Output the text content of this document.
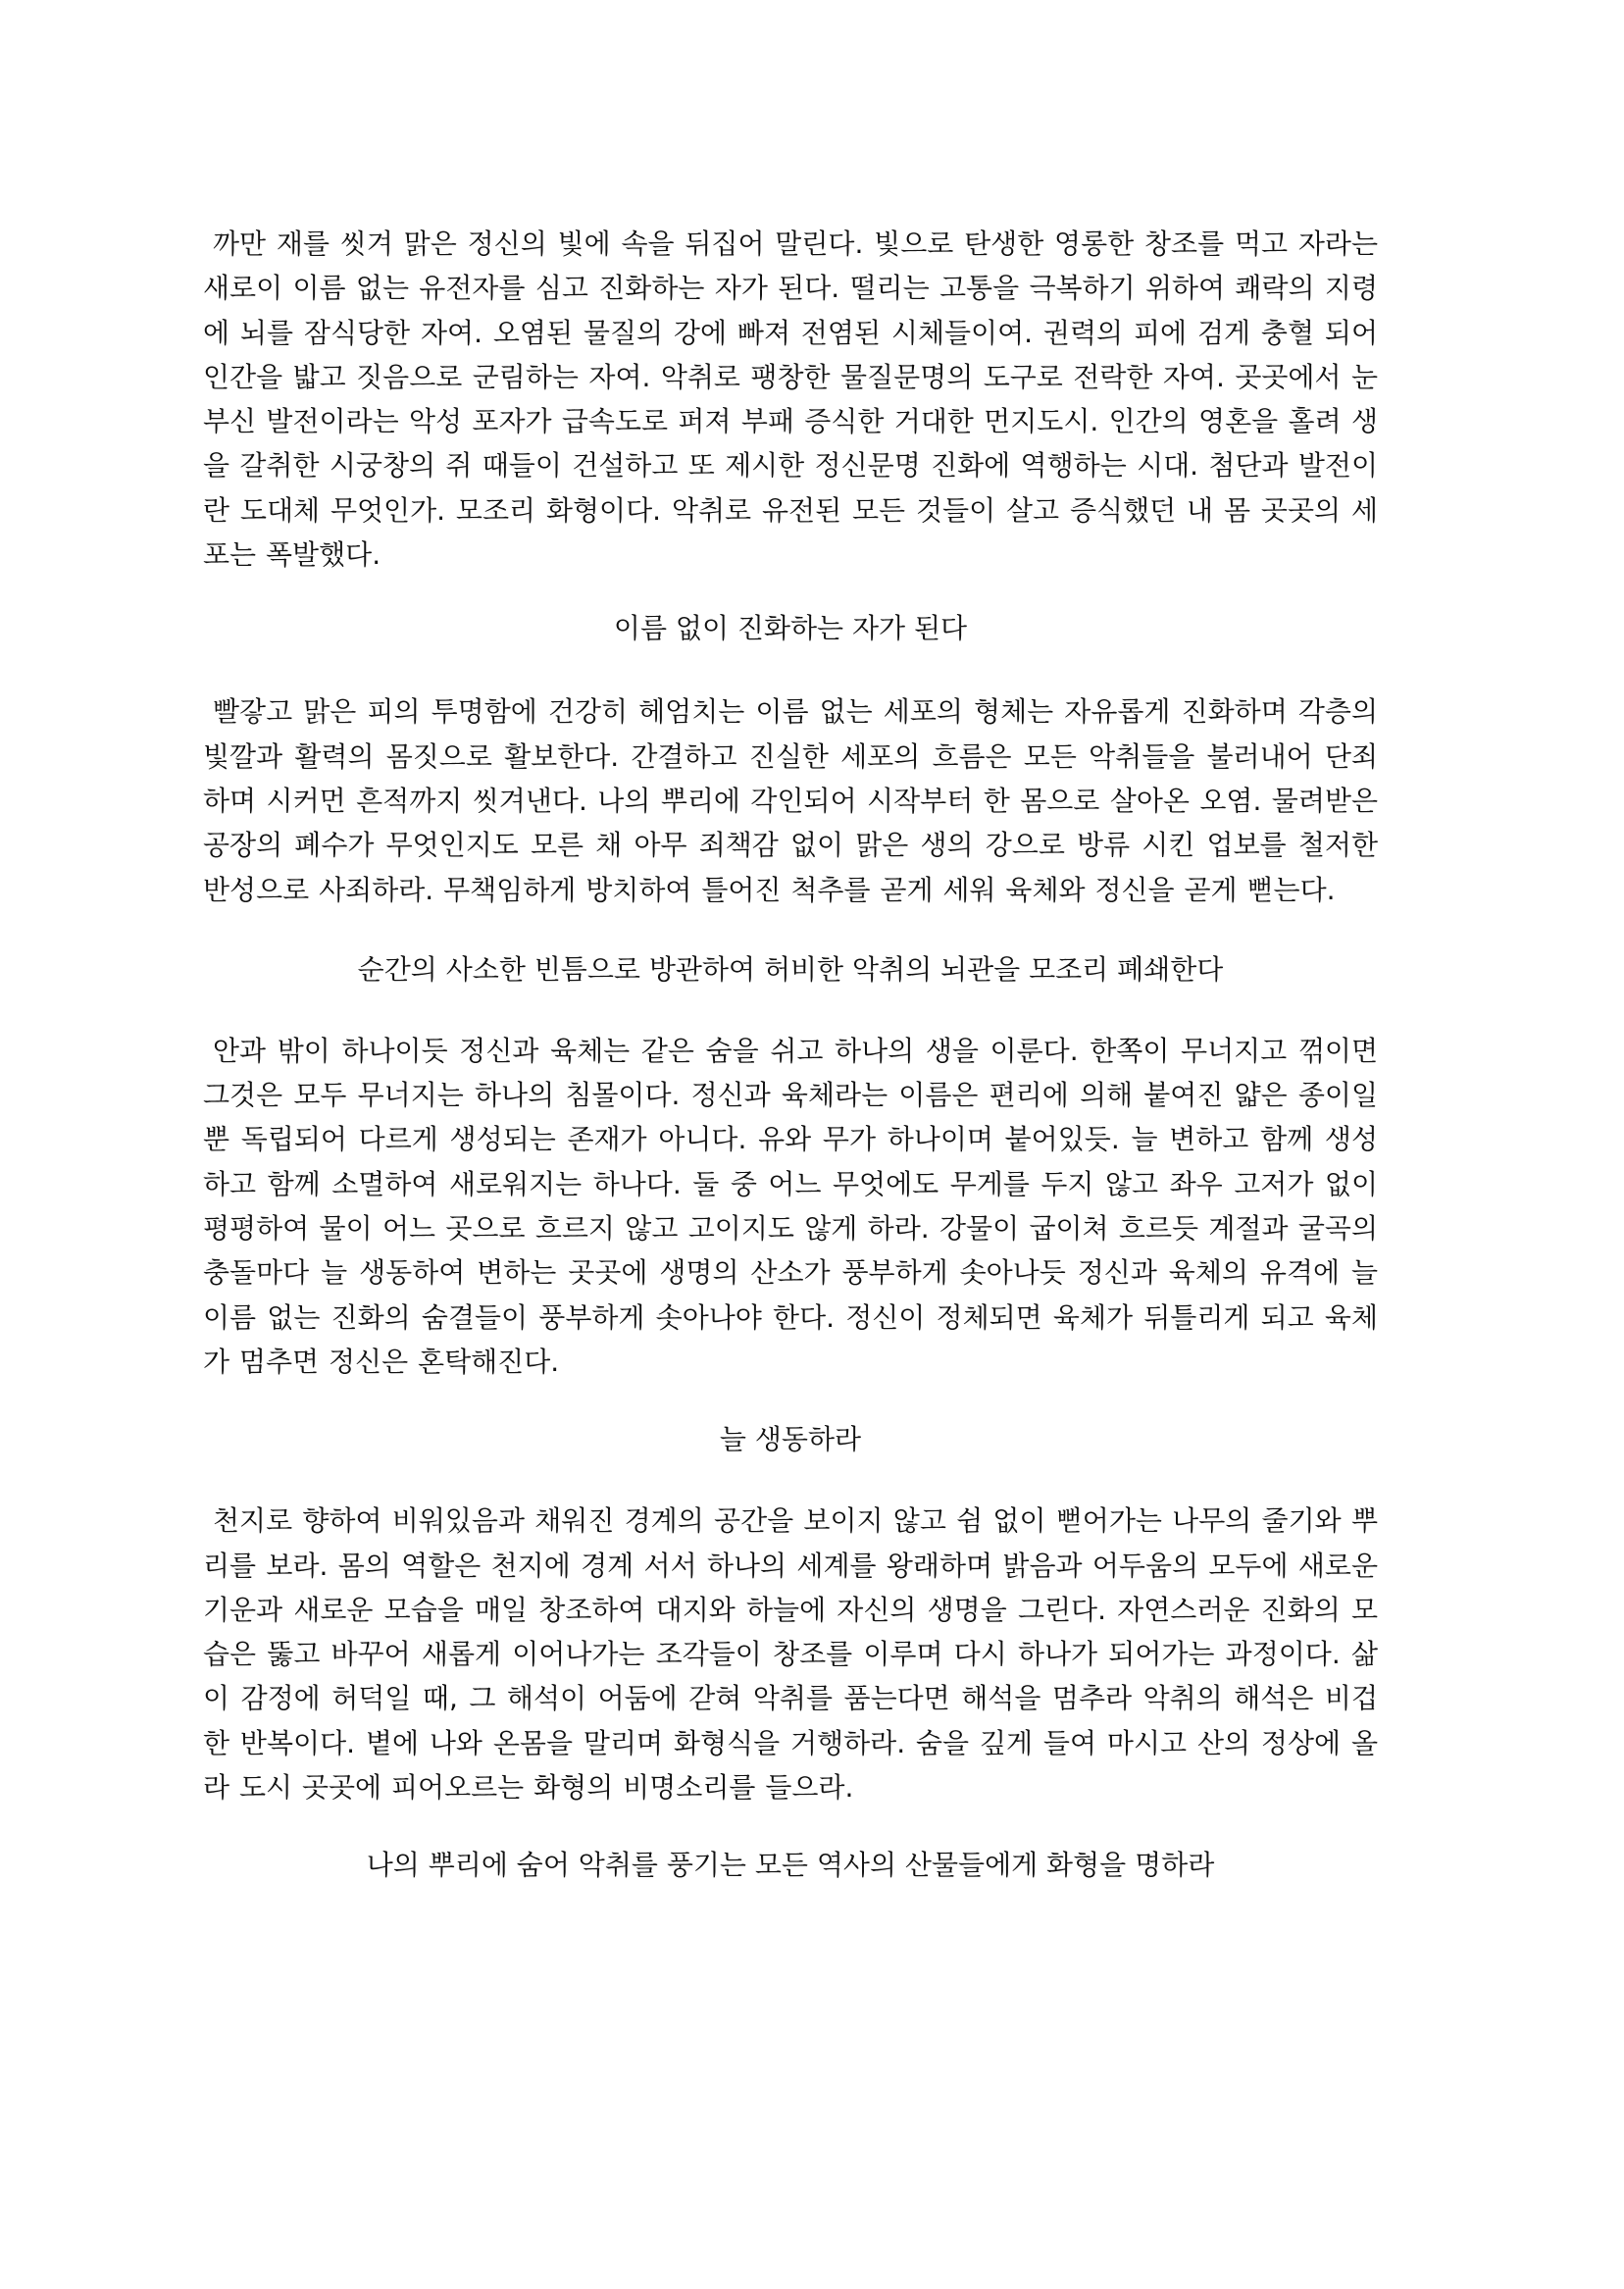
까만 재를 씻겨 맑은 정신의 빛에 속을 뒤집어 말린다. 빛으로 탄생한 영롱한 창조를 먹고 자라는 새로이 이름 없는 유전자를 심고 진화하는 자가 된다. 떨리는 고통을 극복하기 위하여 쾌락의 지령에 뇌를 잠식당한 자여. 오염된 물질의 강에 빠져 전염된 시체들이여. 권력의 피에 검게 충혈 되어 인간을 밟고 짓음으로 군림하는 자여. 악취로 팽창한 물질문명의 도구로 전락한 자여. 곳곳에서 눈부신 발전이라는 악성 포자가 급속도로 퍼져 부패 증식한 거대한 먼지도시. 인간의 영혼을 홀려 생을 갈취한 시궁창의 쥐 때들이 건설하고 또 제시한 정신문명 진화에 역행하는 시대. 첨단과 발전이란 도대체 무엇인가. 모조리 화형이다. 악취로 유전된 모든 것들이 살고 증식했던 내 몸 곳곳의 세포는 폭발했다.

이름 없이 진화하는 자가 된다

빨갛고 맑은 피의 투명함에 건강히 헤엄치는 이름 없는 세포의 형체는 자유롭게 진화하며 각층의 빛깔과 활력의 몸짓으로 활보한다. 간결하고 진실한 세포의 흐름은 모든 악취들을 불러내어 단죄하며 시커먼 흔적까지 씻겨낸다. 나의 뿌리에 각인되어 시작부터 한 몸으로 살아온 오염. 물려받은 공장의 폐수가 무엇인지도 모른 채 아무 죄책감 없이 맑은 생의 강으로 방류 시킨 업보를 철저한 반성으로 사죄하라. 무책임하게 방치하여 틀어진 척추를 곧게 세워 육체와 정신을 곧게 뻗는다.

순간의 사소한 빈틈으로 방관하여 허비한 악취의 뇌관을 모조리 폐쇄한다

안과 밖이 하나이듯 정신과 육체는 같은 숨을 쉬고 하나의 생을 이룬다. 한쪽이 무너지고 꺾이면 그것은 모두 무너지는 하나의 침몰이다. 정신과 육체라는 이름은 편리에 의해 붙여진 얇은 종이일 뿐 독립되어 다르게 생성되는 존재가 아니다. 유와 무가 하나이며 붙어있듯. 늘 변하고 함께 생성하고 함께 소멸하여 새로워지는 하나다. 둘 중 어느 무엇에도 무게를 두지 않고 좌우 고저가 없이 평평하여 물이 어느 곳으로 흐르지 않고 고이지도 않게 하라. 강물이 굽이쳐 흐르듯 계절과 굴곡의 충돌마다 늘 생동하여 변하는 곳곳에 생명의 산소가 풍부하게 솟아나듯 정신과 육체의 유격에 늘 이름 없는 진화의 숨결들이 풍부하게 솟아나야 한다. 정신이 정체되면 육체가 뒤틀리게 되고 육체가 멈추면 정신은 혼탁해진다.

늘 생동하라

천지로 향하여 비워있음과 채워진 경계의 공간을 보이지 않고 쉼 없이 뻗어가는 나무의 줄기와 뿌리를 보라. 몸의 역할은 천지에 경계 서서 하나의 세계를 왕래하며 밝음과 어두움의 모두에 새로운 기운과 새로운 모습을 매일 창조하여 대지와 하늘에 자신의 생명을 그린다. 자연스러운 진화의 모습은 뚫고 바꾸어 새롭게 이어나가는 조각들이 창조를 이루며 다시 하나가 되어가는 과정이다. 삶이 감정에 허덕일 때, 그 해석이 어둠에 갇혀 악취를 품는다면 해석을 멈추라 악취의 해석은 비겁한 반복이다. 볕에 나와 온몸을 말리며 화형식을 거행하라. 숨을 깊게 들여 마시고 산의 정상에 올라 도시 곳곳에 피어오르는 화형의 비명소리를 들으라.

나의 뿌리에 숨어 악취를 풍기는 모든 역사의 산물들에게 화형을 명하라
